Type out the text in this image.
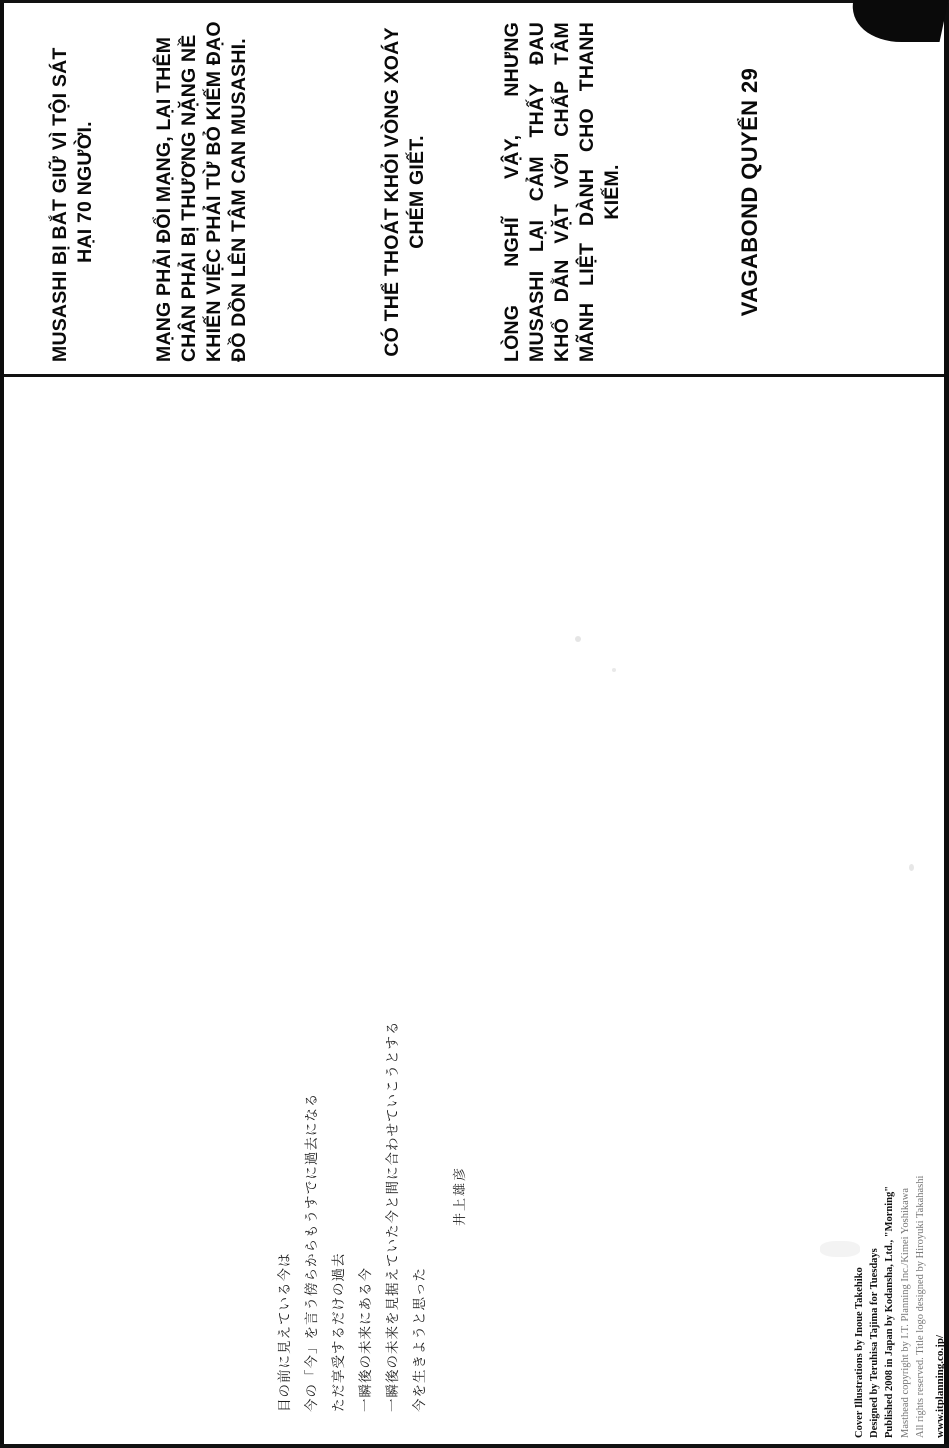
MUSASHI BỊ BẮT GIỮ VÌ TỘI SÁT HẠI 70 NGƯỜI.	MẠNG PHẢI ĐỔI MẠNG, LẠI THÊM CHÂN PHẢI BỊ THƯƠNG NẶNG NỀ KHIẾN VIỆC PHẢI TỪ BỎ KIẾM ĐẠO ĐỒ DỒN LÊN TÂM CAN MUSASHI.	CÓ THỂ THOÁT KHỎI VÒNG XOÁY CHÉM GIẾT.
LÒNG
NGHĨ
VẬY,
NHƯNG
MUSASHI
LẠI
CẢM
THẤY
ĐAU
KHỔ
DẰN
VẶT
VỚI
CHẤP
TÂM
MÃNH
LIỆT
DÀNH
CHO
THANH
KIẾM.	VAGABOND QUYỂN 29
目の前に見えている今は 今の「今」を言う傍らからもうすでに過去になる ただ享受するだけの過去 一瞬後の未来にある今 一瞬後の未来を見据えていた今と間に合わせていこうとする 今を生きようと思った
井上雄彦
Cover Illustrations by Inoue Takehiko Designed by Teruhisa Tajima for Tuesdays Published 2008 in Japan by Kodansha, Ltd., "Morning" Masthead copyright by I.T. Planning Inc./Kimei Yoshikawa All rights reserved. Title logo designed by Hiroyuki Takahashi www.itplanning.co.jp/
